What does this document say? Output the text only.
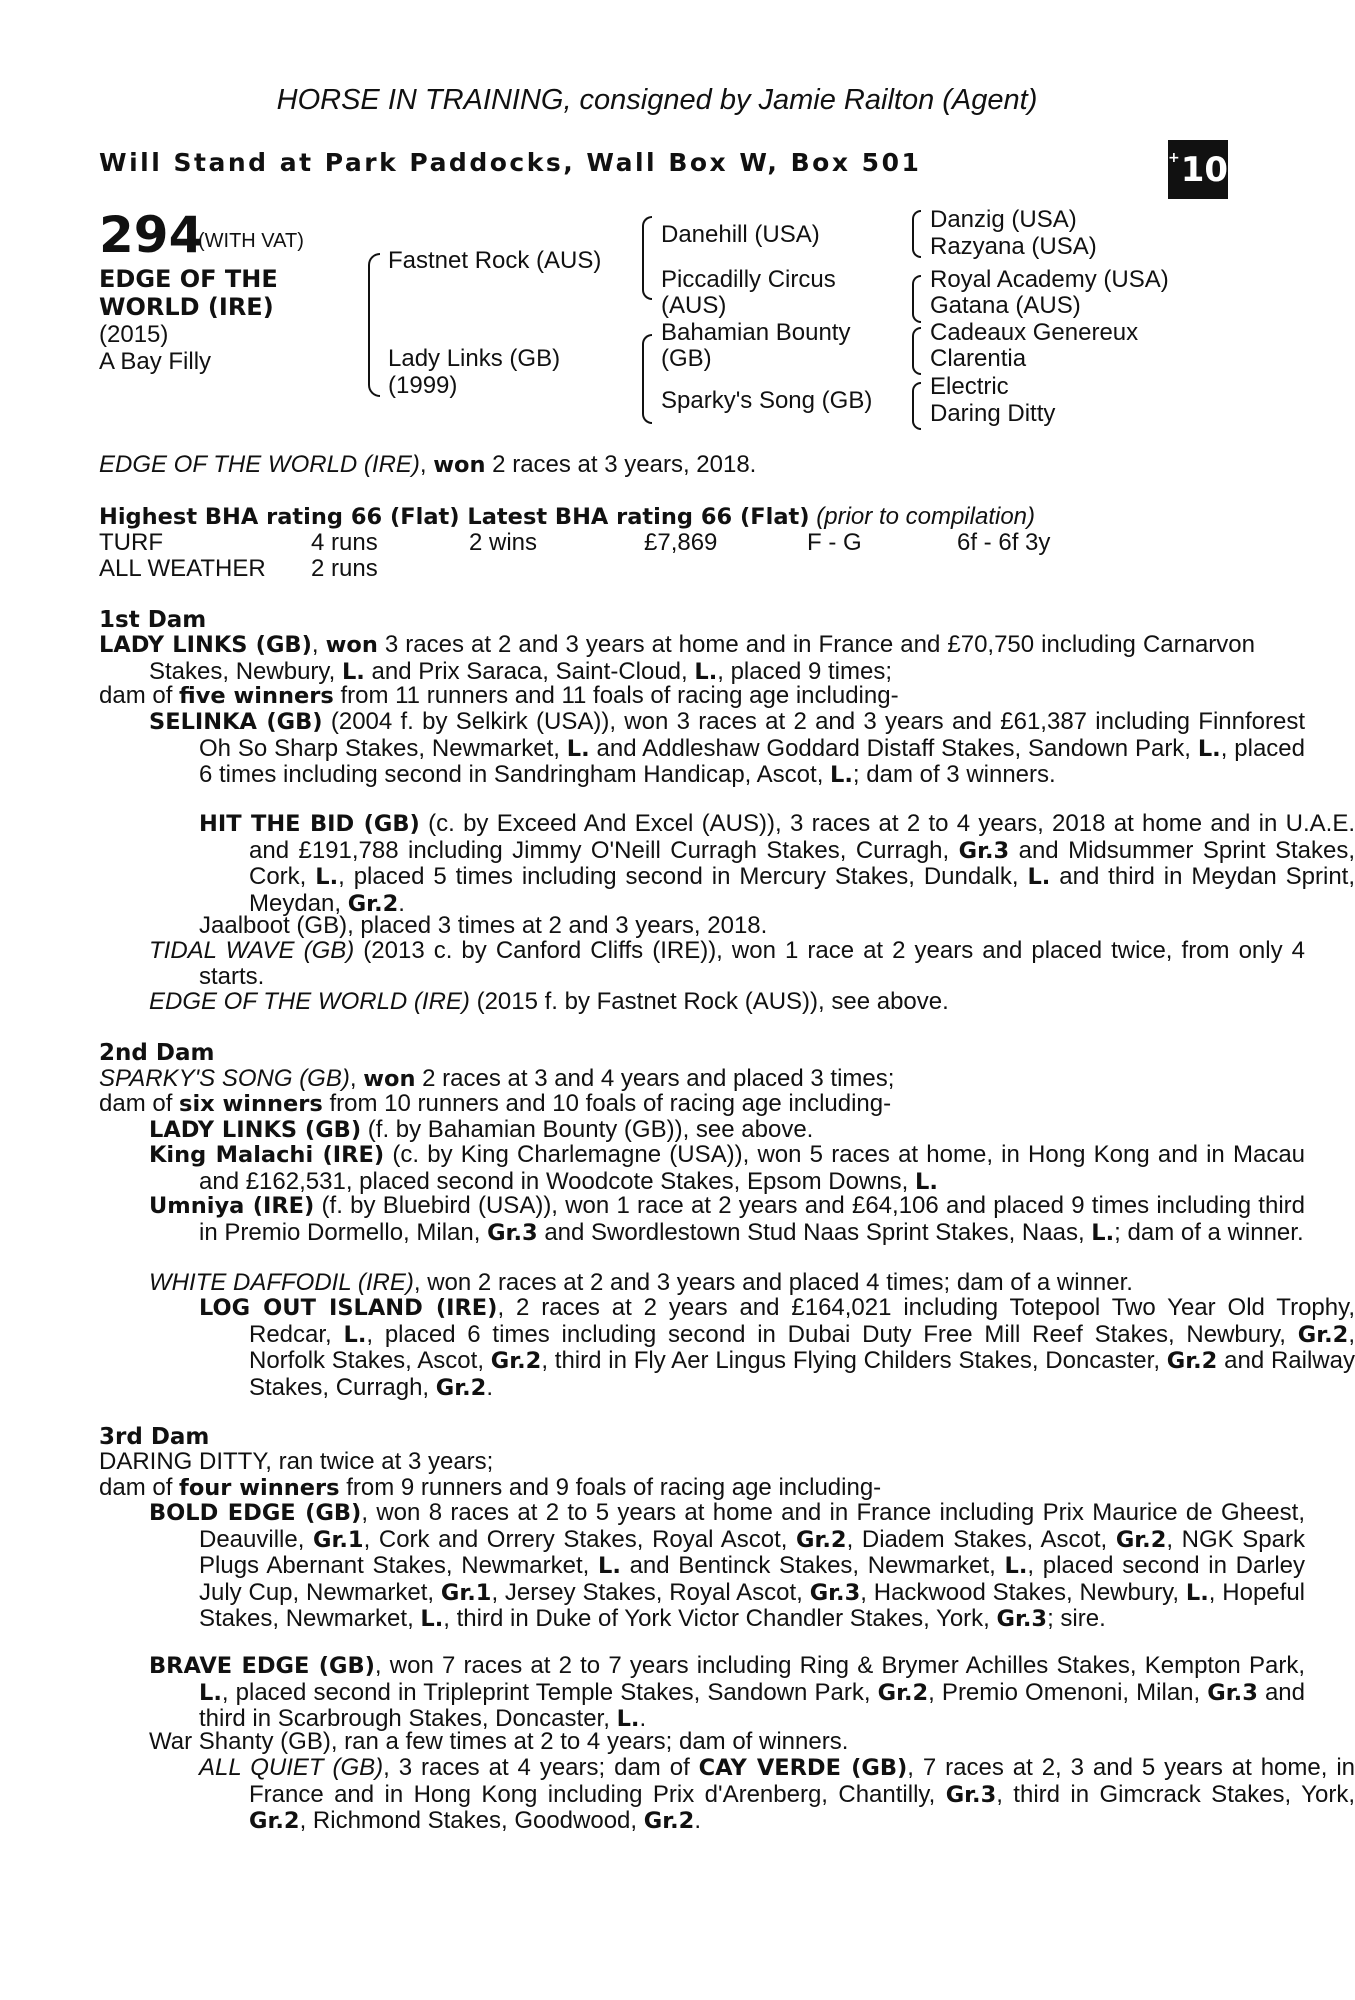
HORSE IN TRAINING, consigned by Jamie Railton (Agent)
Will Stand at Park Paddocks, Wall Box W, Box 501	+ 10
294
(WITH VAT)
EDGE OF THE
WORLD (IRE)
(2015)
A Bay Filly
Fastnet Rock (AUS)
Lady Links (GB)
(1999)
Danehill (USA)
Piccadilly Circus
(AUS)
Bahamian Bounty
(GB)
Sparky's Song (GB)
Danzig (USA)
Razyana (USA)
Royal Academy (USA)
Gatana (AUS)
Cadeaux Genereux
Clarentia
Electric
Daring Ditty
EDGE OF THE WORLD (IRE), won 2 races at 3 years, 2018.
Highest BHA rating 66 (Flat) Latest BHA rating 66 (Flat) (prior to compilation)
TURF	4 runs	2 wins	£7,869	F - G	6f - 6f 3y
ALL WEATHER 2 runs
1st Dam
LADY LINKS (GB), won 3 races at 2 and 3 years at home and in France and £70,750 including Carnarvon Stakes, Newbury, L. and Prix Saraca, Saint-Cloud, L., placed 9 times;
dam of five winners from 11 runners and 11 foals of racing age including-
SELINKA (GB) (2004 f. by Selkirk (USA)), won 3 races at 2 and 3 years and £61,387 including Finnforest Oh So Sharp Stakes, Newmarket, L. and Addleshaw Goddard Distaff Stakes, Sandown Park, L., placed 6 times including second in Sandringham Handicap, Ascot, L.; dam of 3 winners.
HIT THE BID (GB) (c. by Exceed And Excel (AUS)), 3 races at 2 to 4 years, 2018 at home and in U.A.E. and £191,788 including Jimmy O'Neill Curragh Stakes, Curragh, Gr.3 and Midsummer Sprint Stakes, Cork, L., placed 5 times including second in Mercury Stakes, Dundalk, L. and third in Meydan Sprint, Meydan, Gr.2.
Jaalboot (GB), placed 3 times at 2 and 3 years, 2018.
TIDAL WAVE (GB) (2013 c. by Canford Cliffs (IRE)), won 1 race at 2 years and placed twice, from only 4 starts.
EDGE OF THE WORLD (IRE) (2015 f. by Fastnet Rock (AUS)), see above.
2nd Dam
SPARKY'S SONG (GB), won 2 races at 3 and 4 years and placed 3 times;
dam of six winners from 10 runners and 10 foals of racing age including-
LADY LINKS (GB) (f. by Bahamian Bounty (GB)), see above.
King Malachi (IRE) (c. by King Charlemagne (USA)), won 5 races at home, in Hong Kong and in Macau and £162,531, placed second in Woodcote Stakes, Epsom Downs, L.
Umniya (IRE) (f. by Bluebird (USA)), won 1 race at 2 years and £64,106 and placed 9 times including third in Premio Dormello, Milan, Gr.3 and Swordlestown Stud Naas Sprint Stakes, Naas, L.; dam of a winner.
WHITE DAFFODIL (IRE), won 2 races at 2 and 3 years and placed 4 times; dam of a winner.
LOG OUT ISLAND (IRE), 2 races at 2 years and £164,021 including Totepool Two Year Old Trophy, Redcar, L., placed 6 times including second in Dubai Duty Free Mill Reef Stakes, Newbury, Gr.2, Norfolk Stakes, Ascot, Gr.2, third in Fly Aer Lingus Flying Childers Stakes, Doncaster, Gr.2 and Railway Stakes, Curragh, Gr.2.
3rd Dam
DARING DITTY, ran twice at 3 years;
dam of four winners from 9 runners and 9 foals of racing age including-
BOLD EDGE (GB), won 8 races at 2 to 5 years at home and in France including Prix Maurice de Gheest, Deauville, Gr.1, Cork and Orrery Stakes, Royal Ascot, Gr.2, Diadem Stakes, Ascot, Gr.2, NGK Spark Plugs Abernant Stakes, Newmarket, L. and Bentinck Stakes, Newmarket, L., placed second in Darley July Cup, Newmarket, Gr.1, Jersey Stakes, Royal Ascot, Gr.3, Hackwood Stakes, Newbury, L., Hopeful Stakes, Newmarket, L., third in Duke of York Victor Chandler Stakes, York, Gr.3; sire.
BRAVE EDGE (GB), won 7 races at 2 to 7 years including Ring & Brymer Achilles Stakes, Kempton Park, L., placed second in Tripleprint Temple Stakes, Sandown Park, Gr.2, Premio Omenoni, Milan, Gr.3 and third in Scarbrough Stakes, Doncaster, L..
War Shanty (GB), ran a few times at 2 to 4 years; dam of winners.
ALL QUIET (GB), 3 races at 4 years; dam of CAY VERDE (GB), 7 races at 2, 3 and 5 years at home, in France and in Hong Kong including Prix d'Arenberg, Chantilly, Gr.3, third in Gimcrack Stakes, York, Gr.2, Richmond Stakes, Goodwood, Gr.2.
